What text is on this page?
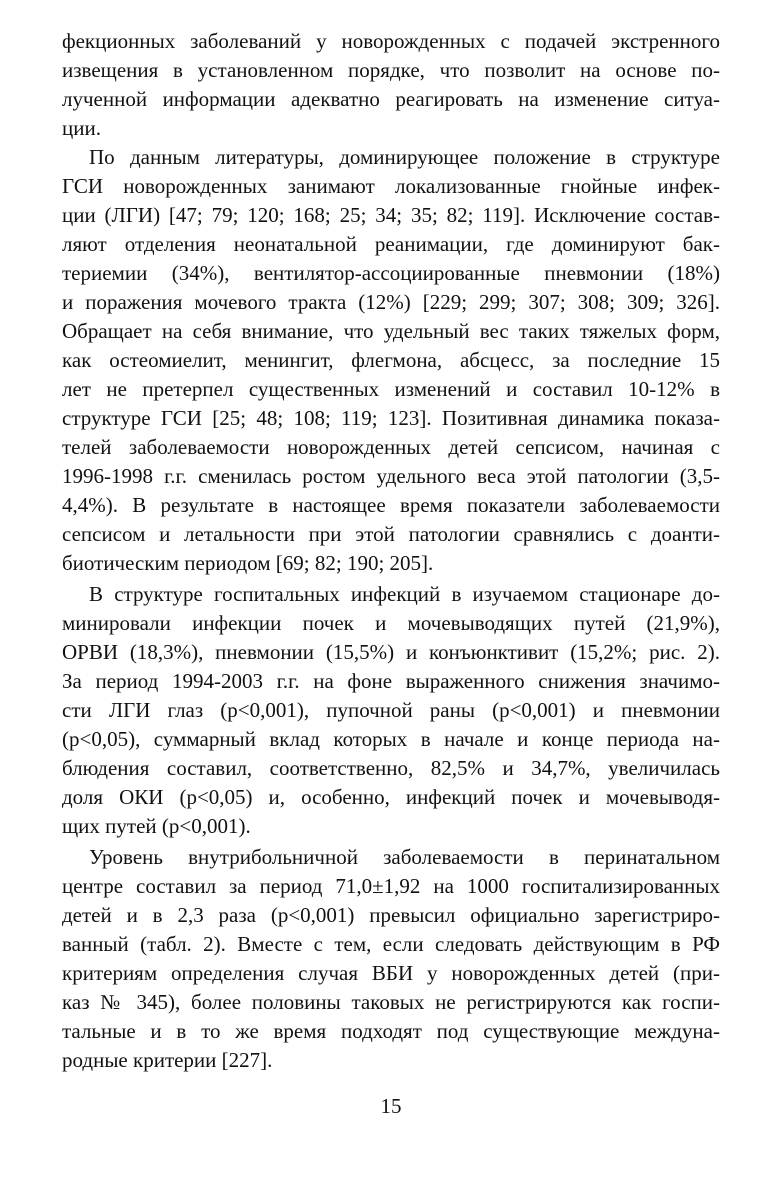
фекционных заболеваний у новорожденных с подачей экстренного
извещения в установленном порядке, что позволит на основе по-
лученной информации адекватно реагировать на изменение ситуа-
ции.
По данным литературы, доминирующее положение в структуре
ГСИ новорожденных занимают локализованные гнойные инфек-
ции (ЛГИ) [47; 79; 120; 168; 25; 34; 35; 82; 119]. Исключение состав-
ляют отделения неонатальной реанимации, где доминируют бак-
териемии (34%), вентилятор-ассоциированные пневмонии (18%)
и поражения мочевого тракта (12%) [229; 299; 307; 308; 309; 326].
Обращает на себя внимание, что удельный вес таких тяжелых форм,
как остеомиелит, менингит, флегмона, абсцесс, за последние 15
лет не претерпел существенных изменений и составил 10-12% в
структуре ГСИ [25; 48; 108; 119; 123]. Позитивная динамика показа-
телей заболеваемости новорожденных детей сепсисом, начиная с
1996-1998 г.г. сменилась ростом удельного веса этой патологии (3,5-
4,4%). В результате в настоящее время показатели заболеваемости
сепсисом и летальности при этой патологии сравнялись с доанти-
биотическим периодом [69; 82; 190; 205].
В структуре госпитальных инфекций в изучаемом стационаре до-
минировали инфекции почек и мочевыводящих путей (21,9%),
ОРВИ (18,3%), пневмонии (15,5%) и конъюнктивит (15,2%; рис. 2).
За период 1994-2003 г.г. на фоне выраженного снижения значимо-
сти ЛГИ глаз (р<0,001), пупочной раны (р<0,001) и пневмонии
(р<0,05), суммарный вклад которых в начале и конце периода на-
блюдения составил, соответственно, 82,5% и 34,7%, увеличилась
доля ОКИ (р<0,05) и, особенно, инфекций почек и мочевыводя-
щих путей (р<0,001).
Уровень внутрибольничной заболеваемости в перинатальном
центре составил за период 71,0±1,92 на 1000 госпитализированных
детей и в 2,3 раза (р<0,001) превысил официально зарегистриро-
ванный (табл. 2). Вместе с тем, если следовать действующим в РФ
критериям определения случая ВБИ у новорожденных детей (при-
каз № 345), более половины таковых не регистрируются как госпи-
тальные и в то же время подходят под существующие междуна-
родные критерии [227].
15
